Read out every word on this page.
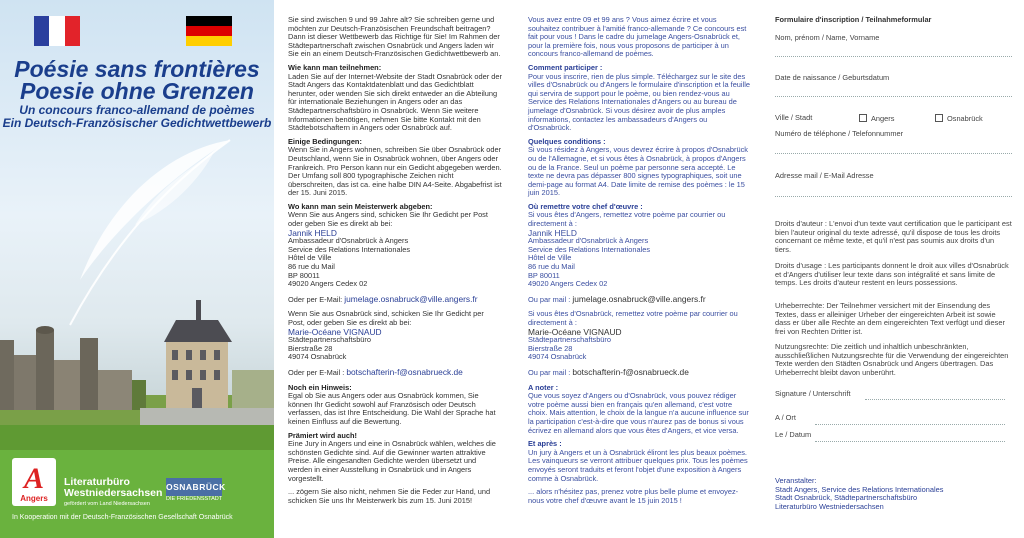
Poésie sans frontières
Poesie ohne Grenzen
Un concours franco-allemand de poèmes
Ein Deutsch-Französischer Gedichtwettbewerb
A
Angers
Literaturbüro
Westniedersachsen
gefördert vom Land Niedersachsen
OSNABRÜCK
DIE FRIEDENSSTADT
In Kooperation mit der Deutsch-Französischen Gesellschaft Osnabrück

Sie sind zwischen 9 und 99 Jahre alt? Sie schreiben gerne und möchten zur Deutsch-Französischen Freundschaft beitragen? Dann ist dieser Wettbewerb das Richtige für Sie! Im Rahmen der Städtepartnerschaft zwischen Osnabrück und Angers laden wir Sie ein an einem Deutsch-Französischen Gedichtwettbewerb an.

Wie kann man teilnehmen:

Laden Sie auf der Internet-Website der Stadt Osnabrück oder der Stadt Angers das Kontaktdatenblatt und das Gedichtblatt herunter, oder wenden Sie sich direkt entweder an die Abteilung für internationale Beziehungen in Angers oder an das Städtepartnerschaftsbüro in Osnabrück. Wenn Sie weitere Informationen benötigen, nehmen Sie bitte Kontakt mit den Städtebotschaftern in Angers oder Osnabrück auf.

Einige Bedingungen:

Wenn Sie in Angers wohnen, schreiben Sie über Osnabrück oder Deutschland, wenn Sie in Osnabrück wohnen, über Angers oder Frankreich. Pro Person kann nur ein Gedicht abgegeben werden. Der Umfang soll 800 typographische Zeichen nicht überschreiten, das ist ca. eine halbe DIN A4-Seite. Abgabefrist ist der 15. Juni 2015.

Wo kann man sein Meisterwerk abgeben:

Wenn Sie aus Angers sind, schicken Sie Ihr Gedicht per Post oder geben Sie es direkt ab bei:
Jannik HELD
Ambassadeur d'Osnabrück à Angers
Service des Relations Internationales
Hôtel de Ville
86 rue du Mail
BP 80011
49020 Angers Cedex 02
Oder per E-Mail: jumelage.osnabruck@ville.angers.fr
Wenn Sie aus Osnabrück sind, schicken Sie Ihr Gedicht per Post, oder geben Sie es direkt ab bei:
Marie-Océane VIGNAUD
Städtepartnerschaftsbüro
Bierstraße 28
49074 Osnabrück
Oder per E-Mail : botschafterin-f@osnabrueck.de

Noch ein Hinweis:

Egal ob Sie aus Angers oder aus Osnabrück kommen, Sie können Ihr Gedicht sowohl auf Französisch oder Deutsch verfassen, das ist Ihre Entscheidung. Die Wahl der Sprache hat keinen Einfluss auf die Bewertung.

Prämiert wird auch!

Eine Jury in Angers und eine in Osnabrück wählen, welches die schönsten Gedichte sind. Auf die Gewinner warten attraktive Preise. Alle eingesandten Gedichte werden übersetzt und werden in einer Ausstellung in Osnabrück und in Angers vorgestellt.

... zögern Sie also nicht, nehmen Sie die Feder zur Hand, und schicken Sie uns Ihr Meisterwerk bis zum 15. Juni 2015!

Vous avez entre 09 et 99 ans ? Vous aimez écrire et vous souhaitez contribuer à l'amitié franco-allemande ? Ce concours est fait pour vous ! Dans le cadre du jumelage Angers-Osnabrück et, pour la première fois, nous vous proposons de participer à un concours franco-allemand de poèmes.

Comment participer :

Pour vous inscrire, rien de plus simple. Téléchargez sur le site des villes d'Osnabrück ou d'Angers le formulaire d'inscription et la feuille qui servira de support pour le poème, ou bien rendez-vous au Service des Relations Internationales d'Angers ou au bureau de jumelage d'Osnabrück. Si vous désirez avoir de plus amples informations, contactez les ambassadeurs d'Angers ou d'Osnabrück.

Quelques conditions :

Si vous résidez à Angers, vous devrez écrire à propos d'Osnabrück ou de l'Allemagne, et si vous êtes à Osnabrück, à propos d'Angers ou de la France. Seul un poème par personne sera accepté. Le texte ne devra pas dépasser 800 signes typographiques, soit une demi-page au format A4. Date limite de remise des poèmes : le 15 juin 2015.

Où remettre votre chef d'œuvre :

Si vous êtes d'Angers, remettez votre poème par courrier ou directement à :
Jannik HELD
Ambassadeur d'Osnabrück à Angers
Service des Relations Internationales
Hôtel de Ville
86 rue du Mail
BP 80011
49020 Angers Cedex 02
Ou par mail : jumelage.osnabruck@ville.angers.fr
Si vous êtes d'Osnabrück, remettez votre poème par courrier ou directement à :
Marie-Océane VIGNAUD
Städtepartnerschaftsbüro
Bierstraße 28
49074 Osnabrück
Ou par mail : botschafterin-f@osnabrueck.de

A noter :

Que vous soyez d'Angers ou d'Osnabrück, vous pouvez rédiger votre poème aussi bien en français qu'en allemand, c'est votre choix. Mais attention, le choix de la langue n'a aucune influence sur la participation c'est-à-dire que vous n'aurez pas de bonus si vous écrivez en allemand alors que vous êtes d'Angers, et vice versa.

Et après :

Un jury à Angers et un à Osnabrück éliront les plus beaux poèmes. Les vainqueurs se verront attribuer quelques prix. Tous les poèmes envoyés seront traduits et feront l'objet d'une exposition à Angers comme à Osnabrück.

... alors n'hésitez pas, prenez votre plus belle plume et envoyez-nous votre chef d'œuvre avant le 15 juin 2015 !

Formulaire d'inscription / Teilnahmeformular
Nom, prénom / Name, Vorname
Date de naissance / Geburtsdatum
Ville / Stadt	Angers	Osnabrück
Numéro de téléphone / Telefonnummer
Adresse mail / E-Mail Adresse
Droits d'auteur : L'envoi d'un texte vaut certification que le participant est bien l'auteur original du texte adressé, qu'il dispose de tous les droits concernant ce même texte, et qu'il n'est pas soumis aux droits d'un tiers.
Droits d'usage : Les participants donnent le droit aux villes d'Osnabrück et d'Angers d'utiliser leur texte dans son intégralité et sans limite de temps. Les droits d'auteur restent en leurs possessions.
Urheberrechte: Der Teilnehmer versichert mit der Einsendung des Textes, dass er alleiniger Urheber der eingereichten Arbeit ist sowie dass er über alle Rechte an dem eingereichten Text verfügt und dieser frei von Rechten Dritter ist.
Nutzungsrechte: Die zeitlich und inhaltlich unbeschränkten, ausschließlichen Nutzungsrechte für die Verwendung der eingereichten Texte werden den Städten Osnabrück und Angers übertragen. Das Urheberrecht bleibt davon unberührt.
Signature / Unterschrift
A / Ort
Le / Datum
Veranstalter:
Stadt Angers, Service des Relations Internationales
Stadt Osnabrück, Städtepartnerschaftsbüro
Literaturbüro Westniedersachsen
